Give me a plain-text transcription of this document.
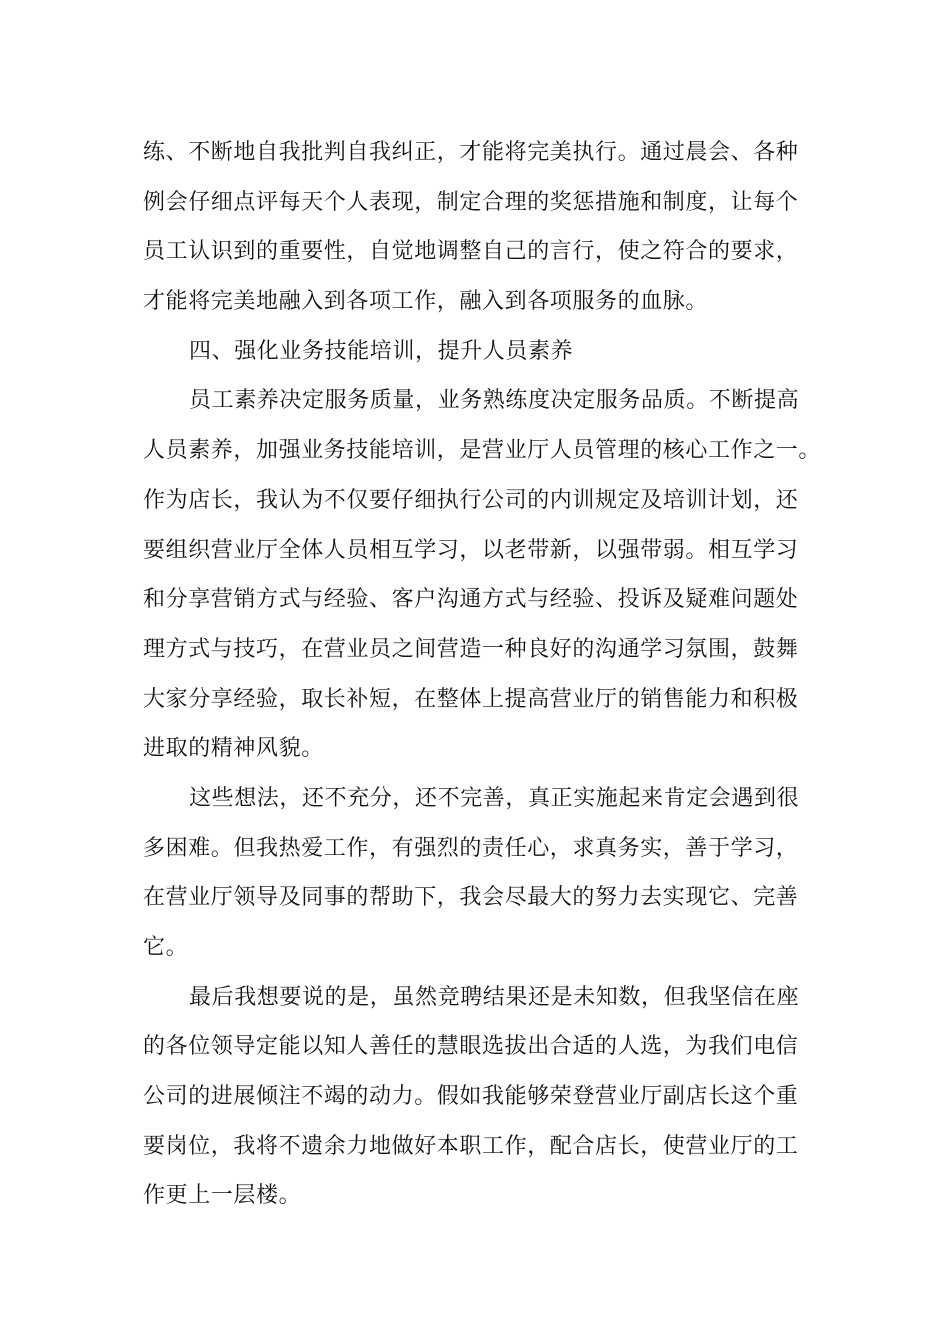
练、不断地自我批判自我纠正，才能将完美执行。通过晨会、各种
例会仔细点评每天个人表现，制定合理的奖惩措施和制度，让每个
员工认识到的重要性，自觉地调整自己的言行，使之符合的要求，
才能将完美地融入到各项工作，融入到各项服务的血脉。
四、强化业务技能培训，提升人员素养
员工素养决定服务质量，业务熟练度决定服务品质。不断提高
人员素养，加强业务技能培训，是营业厅人员管理的核心工作之一。
作为店长，我认为不仅要仔细执行公司的内训规定及培训计划，还
要组织营业厅全体人员相互学习，以老带新，以强带弱。相互学习
和分享营销方式与经验、客户沟通方式与经验、投诉及疑难问题处
理方式与技巧，在营业员之间营造一种良好的沟通学习氛围，鼓舞
大家分享经验，取长补短，在整体上提高营业厅的销售能力和积极
进取的精神风貌。
这些想法，还不充分，还不完善，真正实施起来肯定会遇到很
多困难。但我热爱工作，有强烈的责任心，求真务实，善于学习，
在营业厅领导及同事的帮助下，我会尽最大的努力去实现它、完善
它。
最后我想要说的是，虽然竞聘结果还是未知数，但我坚信在座
的各位领导定能以知人善任的慧眼选拔出合适的人选，为我们电信
公司的进展倾注不竭的动力。假如我能够荣登营业厅副店长这个重
要岗位，我将不遗余力地做好本职工作，配合店长，使营业厅的工
作更上一层楼。
